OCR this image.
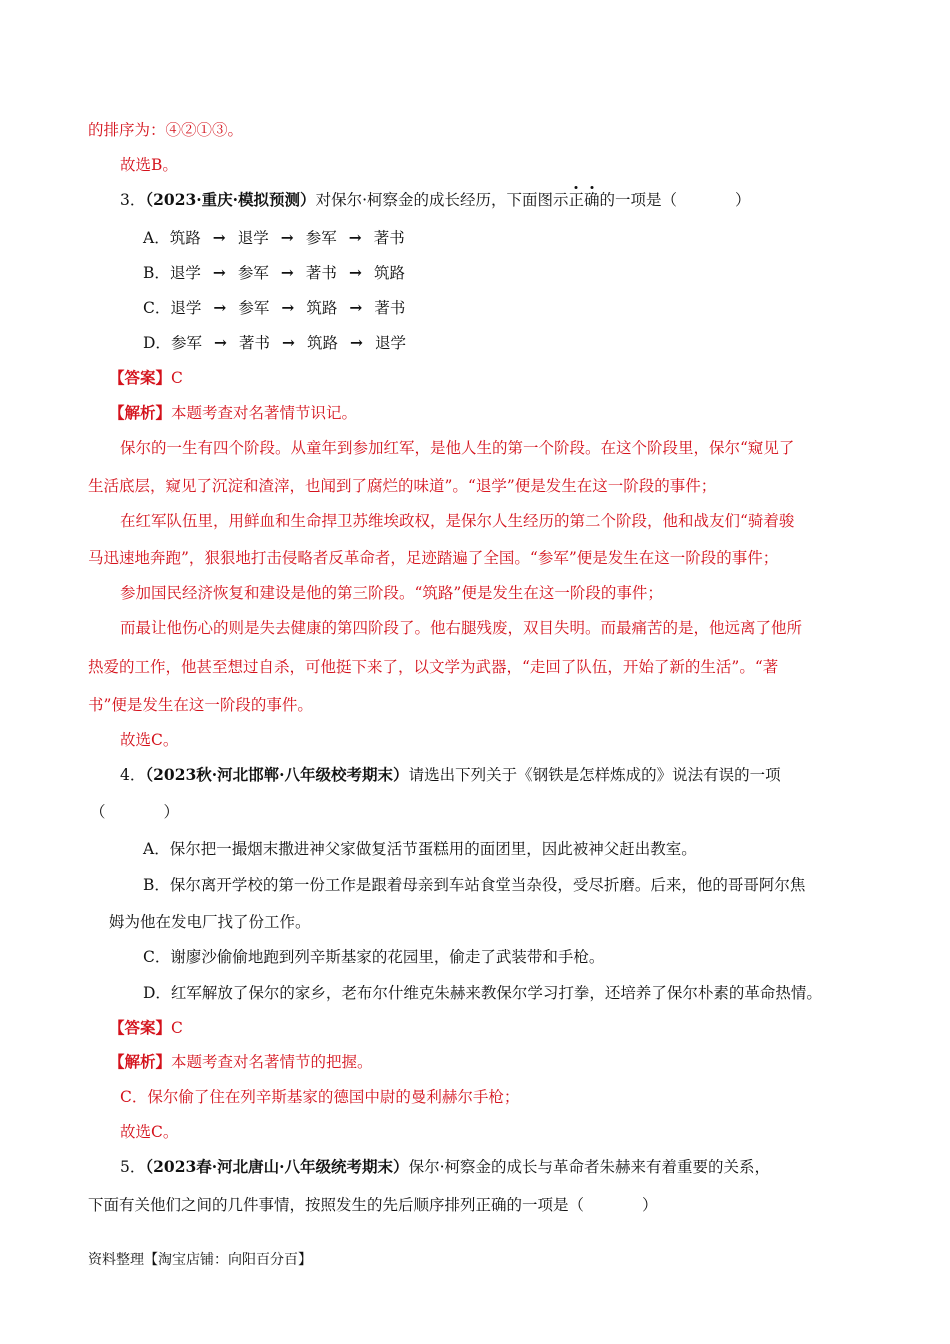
的排序为：④②①③。
故选B。
3．（2023·重庆·模拟预测）对保尔·柯察金的成长经历，下面图示正确的一项是（	）
A．筑路 → 退学 → 参军 → 著书
B．退学 → 参军 → 著书 → 筑路
C．退学 → 参军 → 筑路 → 著书
D．参军 → 著书 → 筑路 → 退学
【答案】C
【解析】本题考查对名著情节识记。
保尔的一生有四个阶段。从童年到参加红军，是他人生的第一个阶段。在这个阶段里，保尔“窥见了
生活底层，窥见了沉淀和渣滓，也闻到了腐烂的味道”。“退学”便是发生在这一阶段的事件；
在红军队伍里，用鲜血和生命捍卫苏维埃政权，是保尔人生经历的第二个阶段，他和战友们“骑着骏
马迅速地奔跑”，狠狠地打击侵略者反革命者，足迹踏遍了全国。“参军”便是发生在这一阶段的事件；
参加国民经济恢复和建设是他的第三阶段。“筑路”便是发生在这一阶段的事件；
而最让他伤心的则是失去健康的第四阶段了。他右腿残废，双目失明。而最痛苦的是，他远离了他所
热爱的工作，他甚至想过自杀，可他挺下来了，以文学为武器，“走回了队伍，开始了新的生活”。“著
书”便是发生在这一阶段的事件。
故选C。
4．（2023秋·河北邯郸·八年级校考期末）请选出下列关于《钢铁是怎样炼成的》说法有误的一项
（	）
A．保尔把一撮烟末撒进神父家做复活节蛋糕用的面团里，因此被神父赶出教室。
B．保尔离开学校的第一份工作是跟着母亲到车站食堂当杂役，受尽折磨。后来，他的哥哥阿尔焦
姆为他在发电厂找了份工作。
C．谢廖沙偷偷地跑到列辛斯基家的花园里，偷走了武装带和手枪。
D．红军解放了保尔的家乡，老布尔什维克朱赫来教保尔学习打拳，还培养了保尔朴素的革命热情。
【答案】C
【解析】本题考查对名著情节的把握。
C．保尔偷了住在列辛斯基家的德国中尉的曼利赫尔手枪；
故选C。
5．（2023春·河北唐山·八年级统考期末）保尔·柯察金的成长与革命者朱赫来有着重要的关系，
下面有关他们之间的几件事情，按照发生的先后顺序排列正确的一项是（	）
资料整理【淘宝店铺：向阳百分百】
